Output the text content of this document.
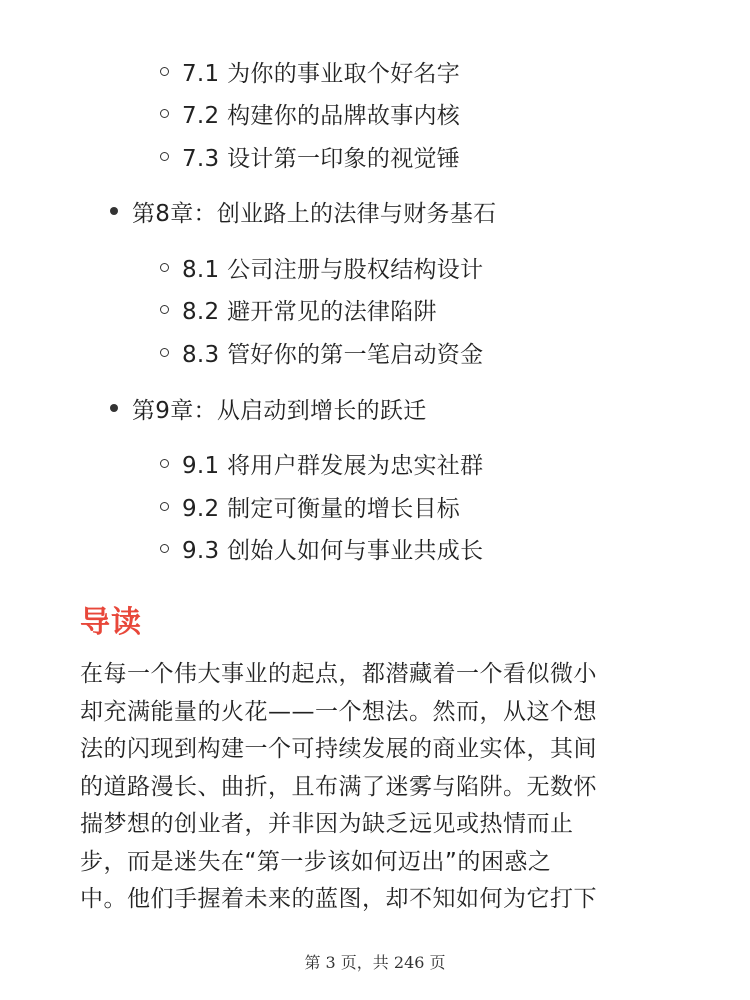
7.1 为你的事业取个好名字
7.2 构建你的品牌故事内核
7.3 设计第一印象的视觉锤
第8章：创业路上的法律与财务基石
8.1 公司注册与股权结构设计
8.2 避开常见的法律陷阱
8.3 管好你的第一笔启动资金
第9章：从启动到增长的跃迁
9.1 将用户群发展为忠实社群
9.2 制定可衡量的增长目标
9.3 创始人如何与事业共成长
导读
在每一个伟大事业的起点，都潜藏着一个看似微小
却充满能量的火花——一个想法。然而，从这个想
法的闪现到构建一个可持续发展的商业实体，其间
的道路漫长、曲折，且布满了迷雾与陷阱。无数怀
揣梦想的创业者，并非因为缺乏远见或热情而止
步，而是迷失在“第一步该如何迈出”的困惑之
中。他们手握着未来的蓝图，却不知如何为它打下
第 3 页，共 246 页
